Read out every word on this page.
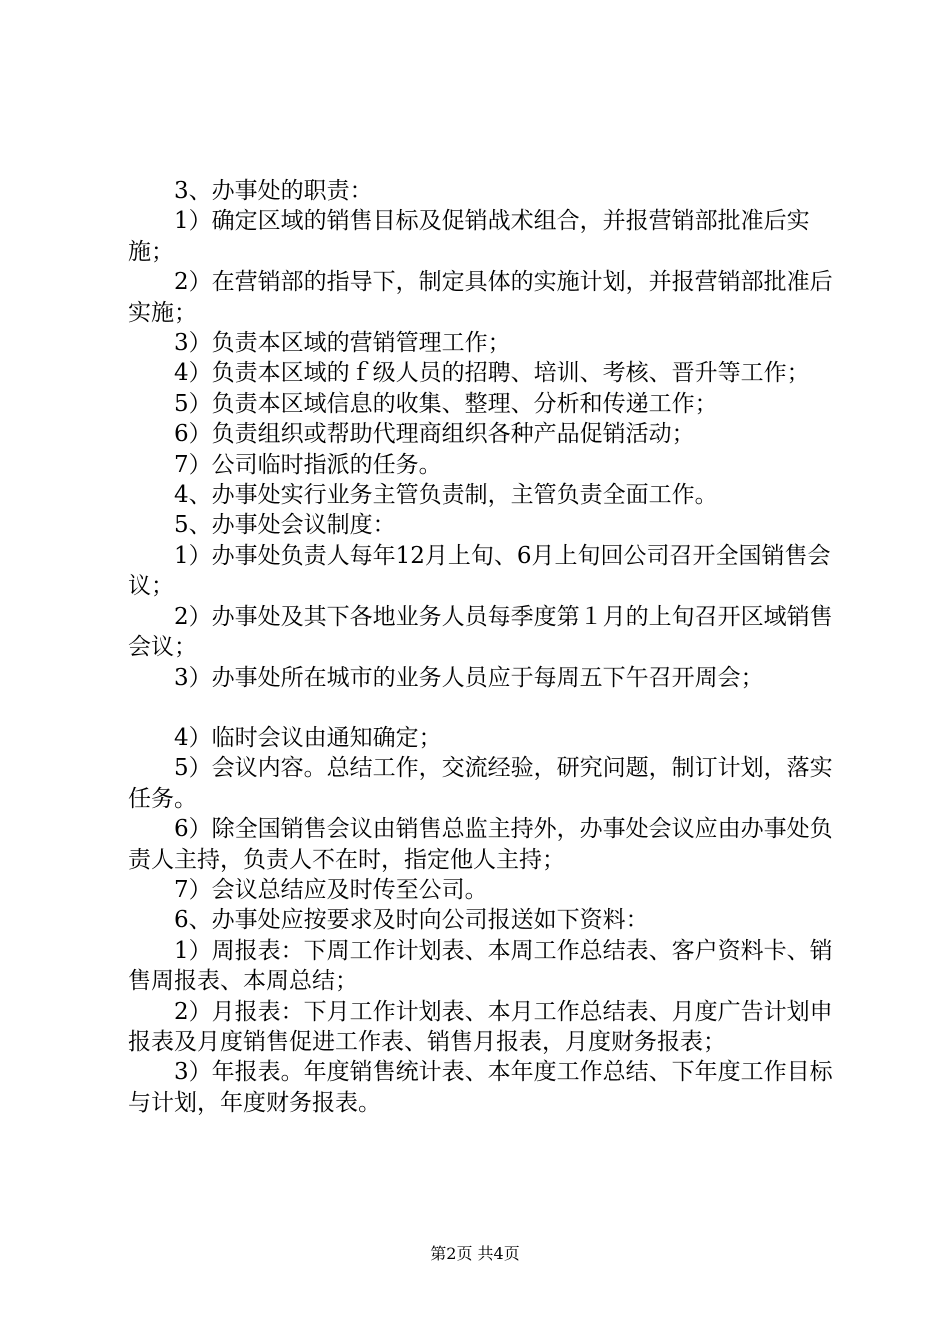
3、办事处的职责：

1）确定区域的销售目标及促销战术组合，并报营销部批准后实施；

2）在营销部的指导下，制定具体的实施计划，并报营销部批准后实施；

3）负责本区域的营销管理工作；

4）负责本区域的ｆ级人员的招聘、培训、考核、晋升等工作；

5）负责本区域信息的收集、整理、分析和传递工作；

6）负责组织或帮助代理商组织各种产品促销活动；

7）公司临时指派的任务。

4、办事处实行业务主管负责制，主管负责全面工作。

5、办事处会议制度：

1）办事处负责人每年12月上旬、6月上旬回公司召开全国销售会议；

2）办事处及其下各地业务人员每季度第１月的上旬召开区域销售会议；

3）办事处所在城市的业务人员应于每周五下午召开周会；

4）临时会议由通知确定；

5）会议内容。总结工作，交流经验，研究问题，制订计划，落实任务。

6）除全国销售会议由销售总监主持外，办事处会议应由办事处负责人主持，负责人不在时，指定他人主持；

7）会议总结应及时传至公司。

6、办事处应按要求及时向公司报送如下资料：

1）周报表：下周工作计划表、本周工作总结表、客户资料卡、销售周报表、本周总结；

2）月报表：下月工作计划表、本月工作总结表、月度广告计划申报表及月度销售促进工作表、销售月报表，月度财务报表；

3）年报表。年度销售统计表、本年度工作总结、下年度工作目标与计划，年度财务报表。

第2页 共4页
